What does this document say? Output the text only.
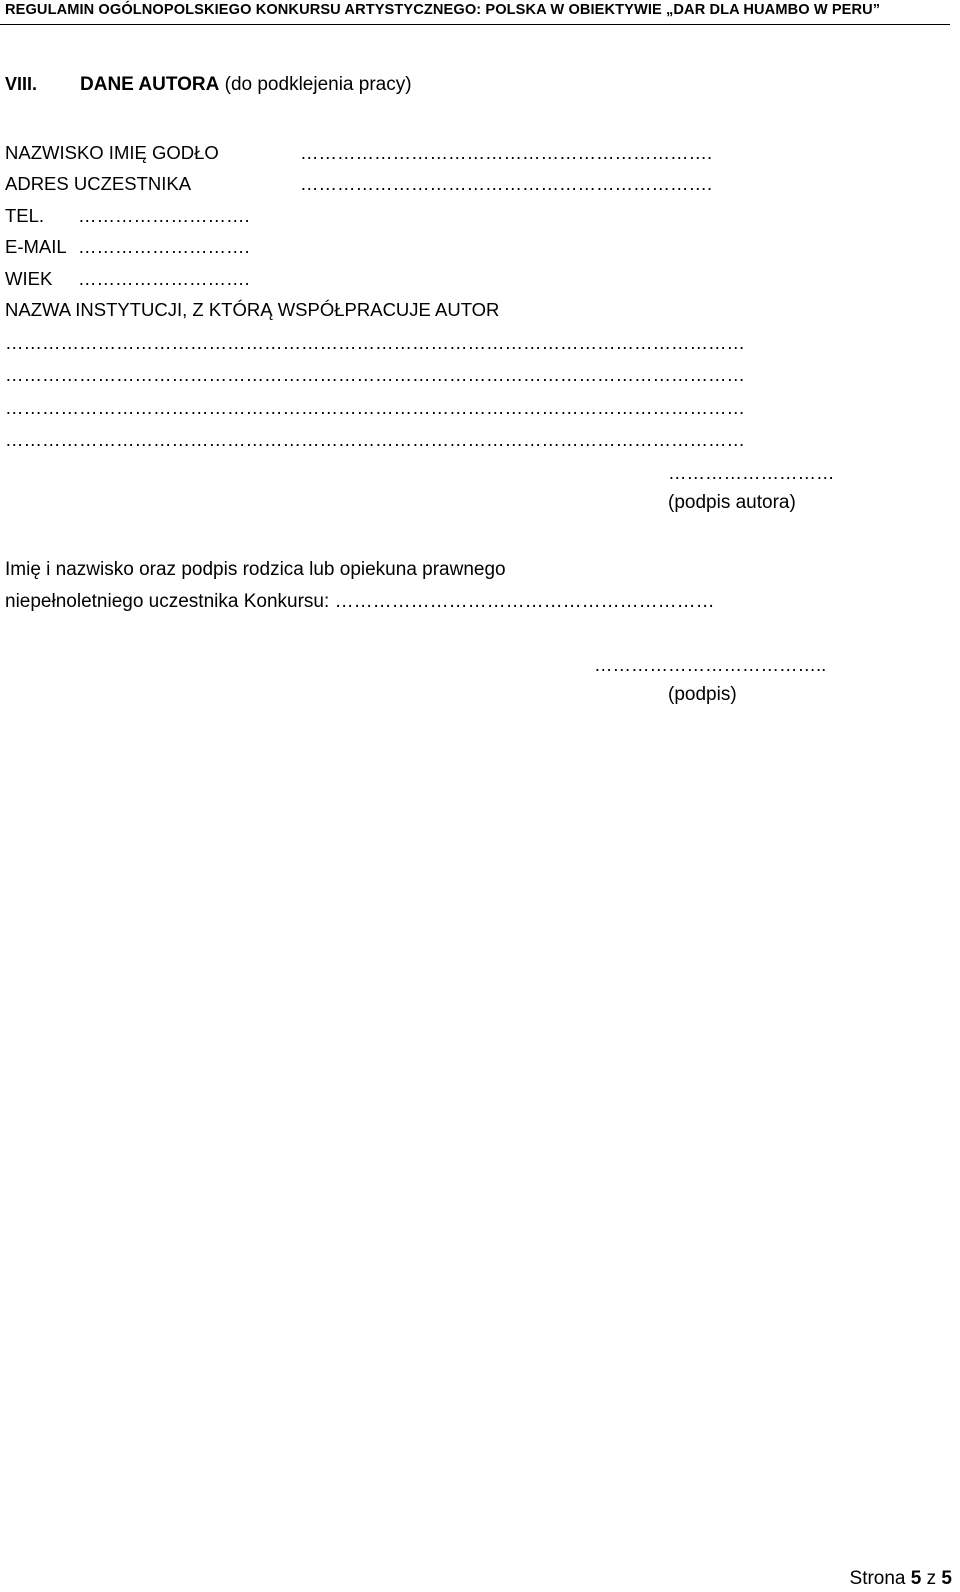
REGULAMIN OGÓLNOPOLSKIEGO KONKURSU ARTYSTYCZNEGO: POLSKA W OBIEKTYWIE „DAR DLA HUAMBO W PERU”
VIII. DANE AUTORA (do podklejenia pracy)
NAZWISKO IMIĘ GODŁO	………………………………………………………….
ADRES UCZESTNIKA	………………………………………………………….
TEL. ……………………….
E-MAIL ……………………….
WIEK ……………………….
NAZWA INSTYTUCJI, Z KTÓRĄ WSPÓŁPRACUJE AUTOR
…………………………………………………………………………………………………………
…………………………………………………………………………………………………………
…………………………………………………………………………………………………………
…………………………………………………………………………………………………………
………………………
(podpis autora)
Imię i nazwisko oraz podpis rodzica lub opiekuna prawnego
niepełnoletniego uczestnika Konkursu: ……………………………………………………
………………………………..
(podpis)
Strona 5 z 5
